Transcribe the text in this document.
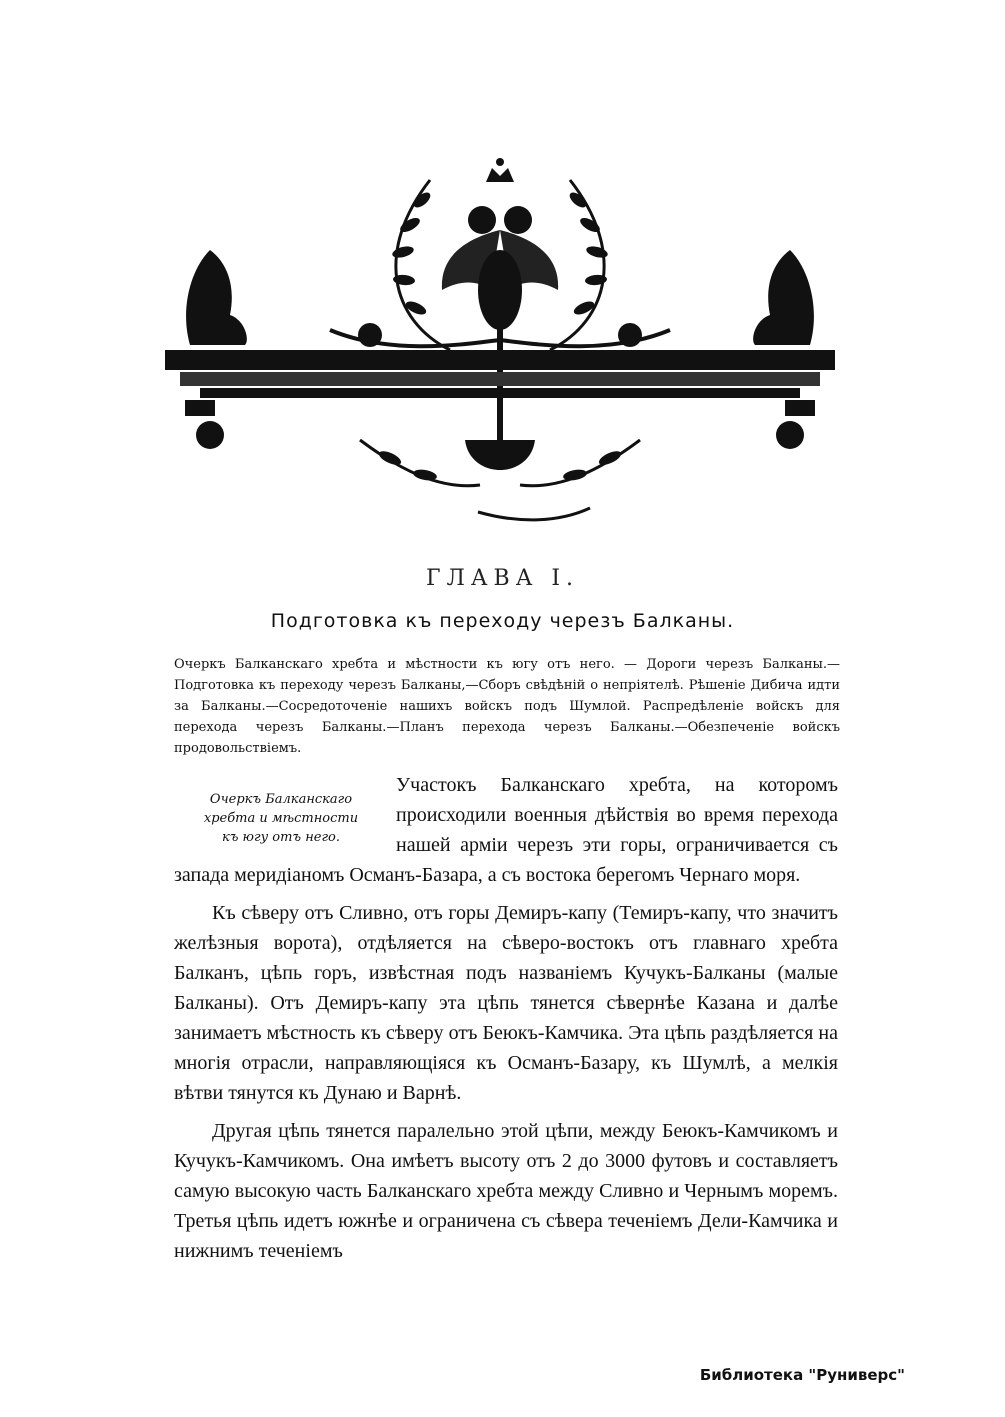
ГЛАВА I.
Подготовка къ переходу черезъ Балканы.
Очеркъ Балканскаго хребта и мѣстности къ югу отъ него. — Дороги черезъ Балканы.—Подготовка къ переходу черезъ Балканы,—Сборъ свѣдѣній о непріятелѣ. Рѣшеніе Дибича идти за Балканы.—Сосредоточеніе нашихъ войскъ подъ Шумлой. Распредѣленіе войскъ для перехода черезъ Балканы.—Планъ перехода черезъ Балканы.—Обезпеченіе войскъ продовольствіемъ.

Участокъ Балканскаго хребта, на которомъ происходили военныя дѣйствія во время перехода нашей арміи черезъ эти горы, ограничивается съ запада меридіаномъ Османъ-Базара, а съ востока берегомъ Чернаго моря.

Къ сѣверу отъ Сливно, отъ горы Демиръ-капу (Темиръ-капу, что значитъ желѣзныя ворота), отдѣляется на сѣверо-востокъ отъ главнаго хребта Балканъ, цѣпь горъ, извѣстная подъ названіемъ Кучукъ-Балканы (малые Балканы). Отъ Демиръ-капу эта цѣпь тянется сѣвернѣе Казана и далѣе занимаетъ мѣстность къ сѣверу отъ Беюкъ-Камчика. Эта цѣпь раздѣляется на многія отрасли, направляющіяся къ Османъ-Базару, къ Шумлѣ, а мелкія вѣтви тянутся къ Дунаю и Варнѣ.

Другая цѣпь тянется паралельно этой цѣпи, между Беюкъ-Камчикомъ и Кучукъ-Камчикомъ. Она имѣетъ высоту отъ 2 до 3000 футовъ и составляетъ самую высокую часть Балканскаго хребта между Сливно и Чернымъ моремъ. Третья цѣпь идетъ южнѣе и ограничена съ сѣвера теченіемъ Дели-Камчика и нижнимъ теченіемъ

Очеркъ Балканскаго
хребта и мѣстности
къ югу отъ него.
Библиотека "Руниверс"
